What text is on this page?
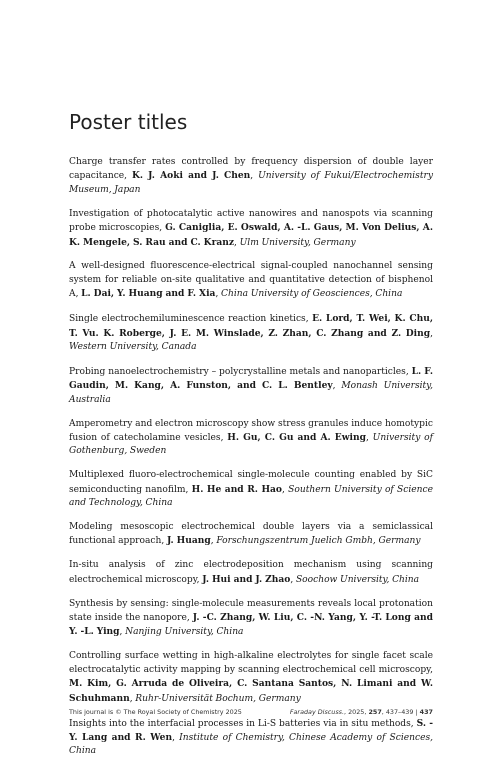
Poster titles

Charge transfer rates controlled by frequency dispersion of double layer capacitance, K. J. Aoki and J. Chen, University of Fukui/Electrochemistry Museum, Japan

Investigation of photocatalytic active nanowires and nanospots via scanning probe microscopies, G. Caniglia, E. Oswald, A. -L. Gaus, M. Von Delius, A. K. Mengele, S. Rau and C. Kranz, Ulm University, Germany

A well-designed fluorescence-electrical signal-coupled nanochannel sensing system for reliable on-site qualitative and quantitative detection of bisphenol A, L. Dai, Y. Huang and F. Xia, China University of Geosciences, China

Single electrochemiluminescence reaction kinetics, E. Lord, T. Wei, K. Chu, T. Vu. K. Roberge, J. E. M. Winslade, Z. Zhan, C. Zhang and Z. Ding, Western University, Canada

Probing nanoelectrochemistry – polycrystalline metals and nanoparticles, L. F. Gaudin, M. Kang, A. Funston, and C. L. Bentley, Monash University, Australia

Amperometry and electron microscopy show stress granules induce homotypic fusion of catecholamine vesicles, H. Gu, C. Gu and A. Ewing, University of Gothenburg, Sweden

Multiplexed fluoro-electrochemical single-molecule counting enabled by SiC semiconducting nanofilm, H. He and R. Hao, Southern University of Science and Technology, China

Modeling mesoscopic electrochemical double layers via a semiclassical functional approach, J. Huang, Forschungszentrum Juelich Gmbh, Germany

In-situ analysis of zinc electrodeposition mechanism using scanning electrochemical microscopy, J. Hui and J. Zhao, Soochow University, China

Synthesis by sensing: single-molecule measurements reveals local protonation state inside the nanopore, J. -C. Zhang, W. Liu, C. -N. Yang, Y. -T. Long and Y. -L. Ying, Nanjing University, China

Controlling surface wetting in high-alkaline electrolytes for single facet scale electrocatalytic activity mapping by scanning electrochemical cell microscopy, M. Kim, G. Arruda de Oliveira, C. Santana Santos, N. Limani and W. Schuhmann, Ruhr-Universität Bochum, Germany

Insights into the interfacial processes in Li-S batteries via in situ methods, S. -Y. Lang and R. Wen, Institute of Chemistry, Chinese Academy of Sciences, China

This journal is © The Royal Society of Chemistry 2025	Faraday Discuss., 2025, 257, 437–439 | 437
